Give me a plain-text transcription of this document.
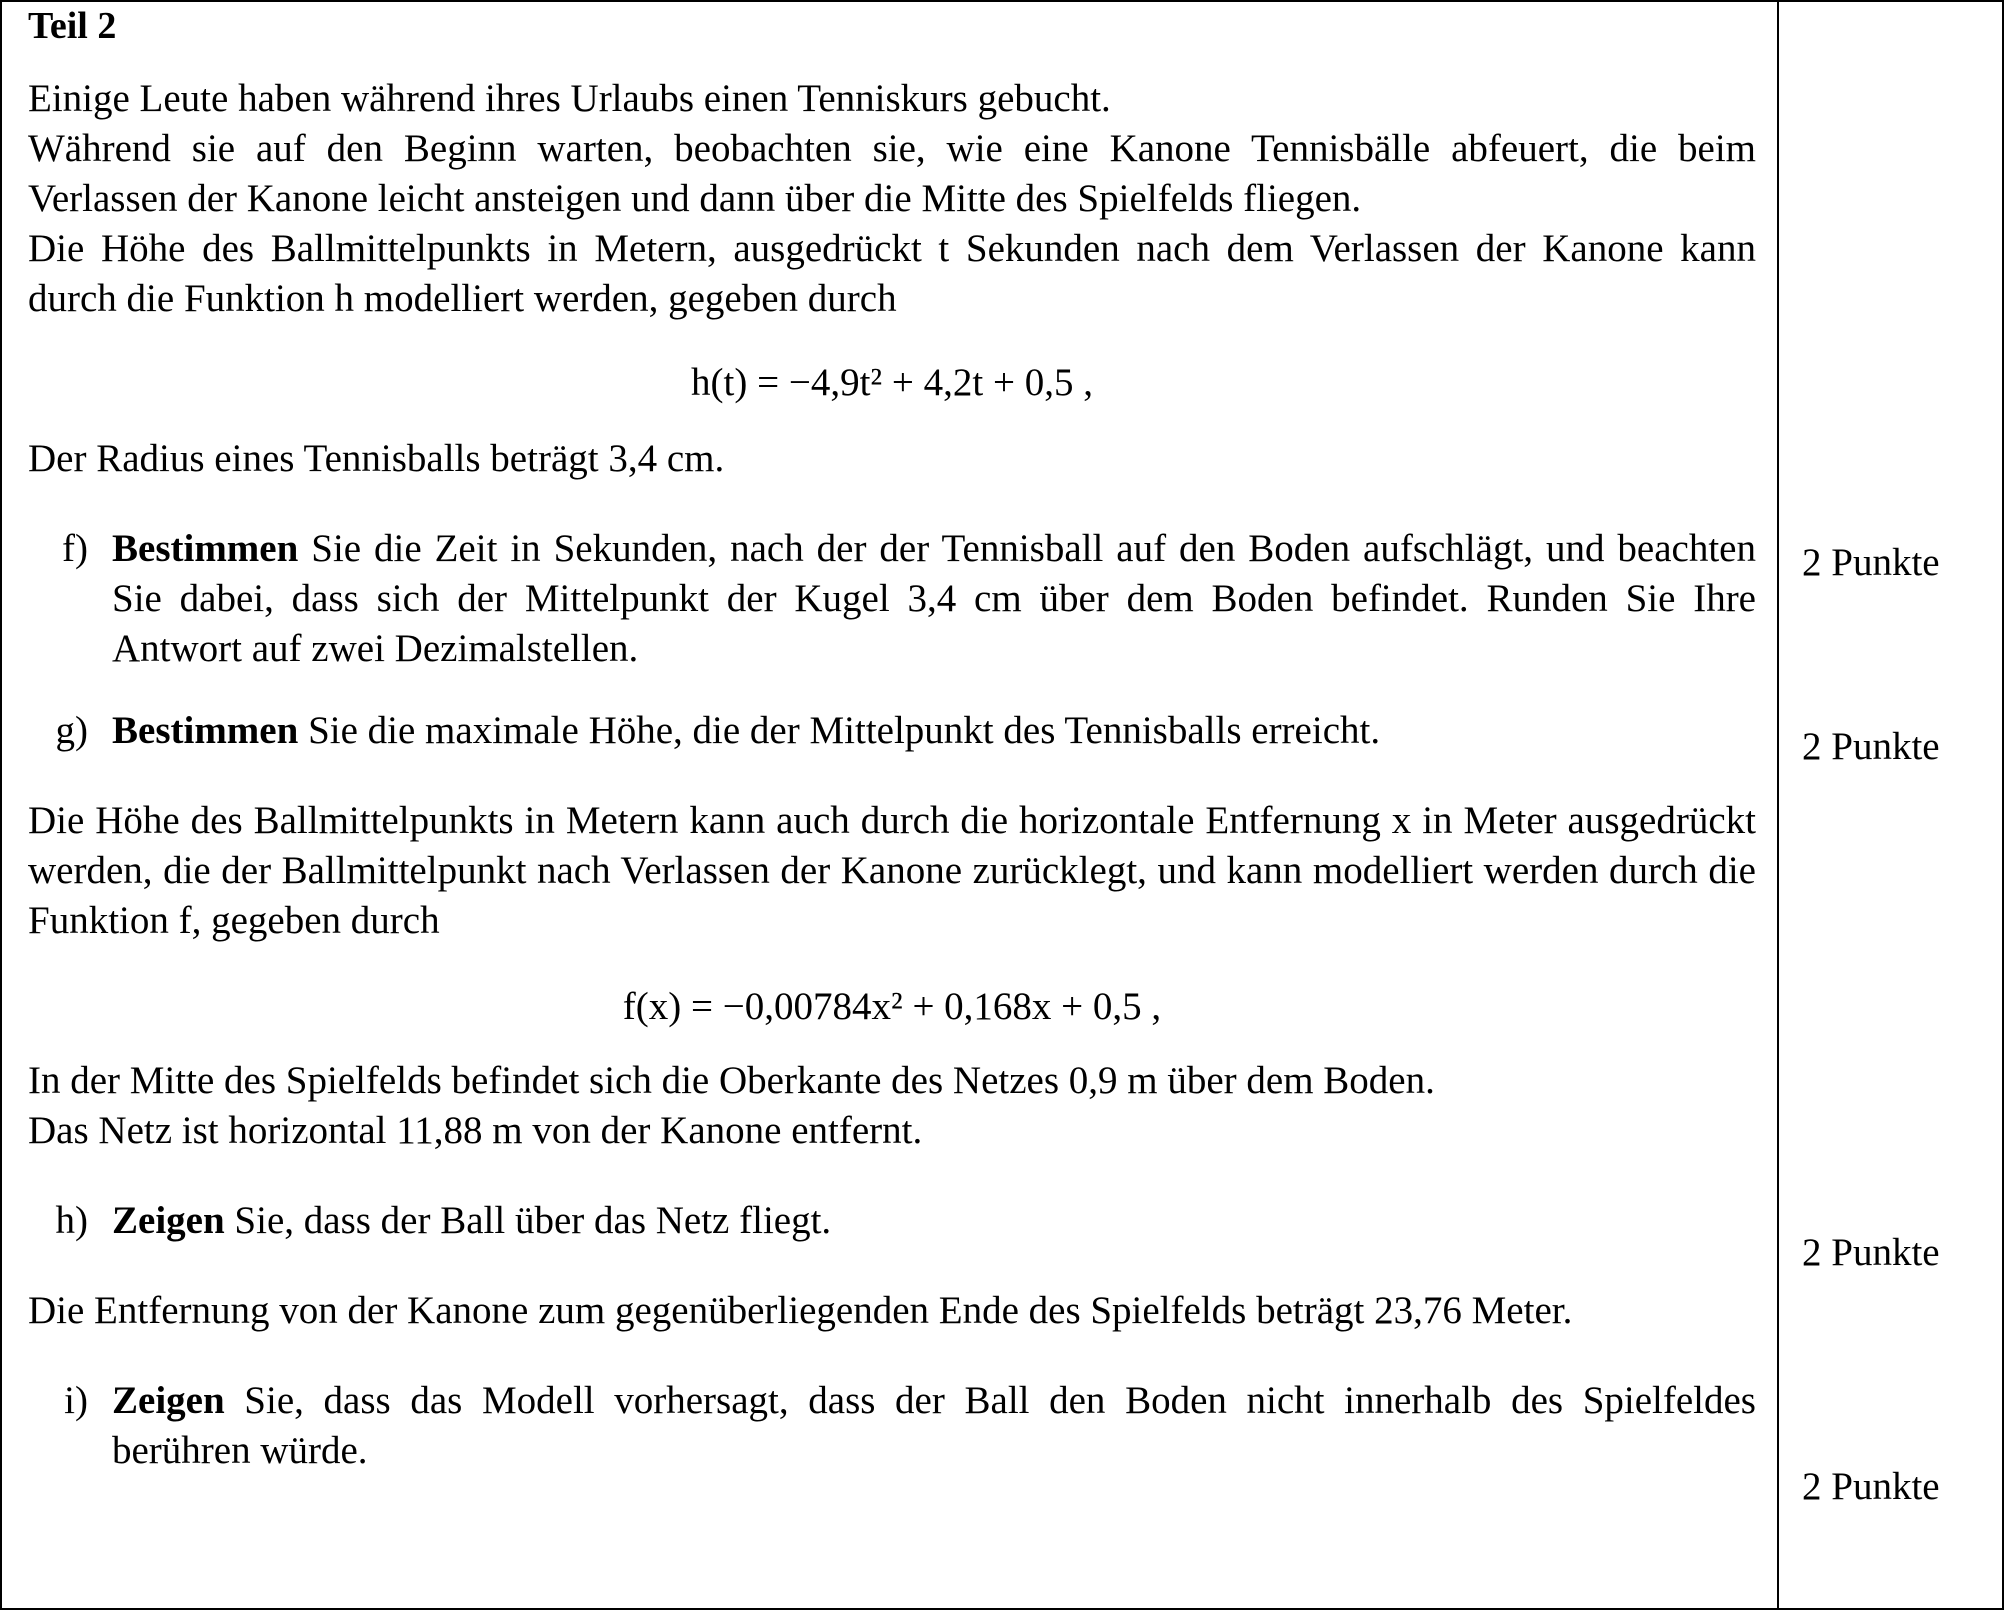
Teil 2
Einige Leute haben während ihres Urlaubs einen Tenniskurs gebucht.
Während sie auf den Beginn warten, beobachten sie, wie eine Kanone Tennisbälle abfeuert, die beim Verlassen der Kanone leicht ansteigen und dann über die Mitte des Spielfelds fliegen.
Die Höhe des Ballmittelpunkts in Metern, ausgedrückt t Sekunden nach dem Verlassen der Kanone kann durch die Funktion h modelliert werden, gegeben durch
h(t) = −4,9t² + 4,2t + 0,5 ,
Der Radius eines Tennisballs beträgt 3,4 cm.
f) Bestimmen Sie die Zeit in Sekunden, nach der der Tennisball auf den Boden aufschlägt, und beachten Sie dabei, dass sich der Mittelpunkt der Kugel 3,4 cm über dem Boden befindet. Runden Sie Ihre Antwort auf zwei Dezimalstellen.
g) Bestimmen Sie die maximale Höhe, die der Mittelpunkt des Tennisballs erreicht.
Die Höhe des Ballmittelpunkts in Metern kann auch durch die horizontale Entfernung x in Meter ausgedrückt werden, die der Ballmittelpunkt nach Verlassen der Kanone zurücklegt, und kann modelliert werden durch die Funktion f, gegeben durch
f(x) = −0,00784x² + 0,168x + 0,5 ,
In der Mitte des Spielfelds befindet sich die Oberkante des Netzes 0,9 m über dem Boden.
Das Netz ist horizontal 11,88 m von der Kanone entfernt.
h) Zeigen Sie, dass der Ball über das Netz fliegt.
Die Entfernung von der Kanone zum gegenüberliegenden Ende des Spielfelds beträgt 23,76 Meter.
i) Zeigen Sie, dass das Modell vorhersagt, dass der Ball den Boden nicht innerhalb des Spielfeldes berühren würde.
2 Punkte
2 Punkte
2 Punkte
2 Punkte
